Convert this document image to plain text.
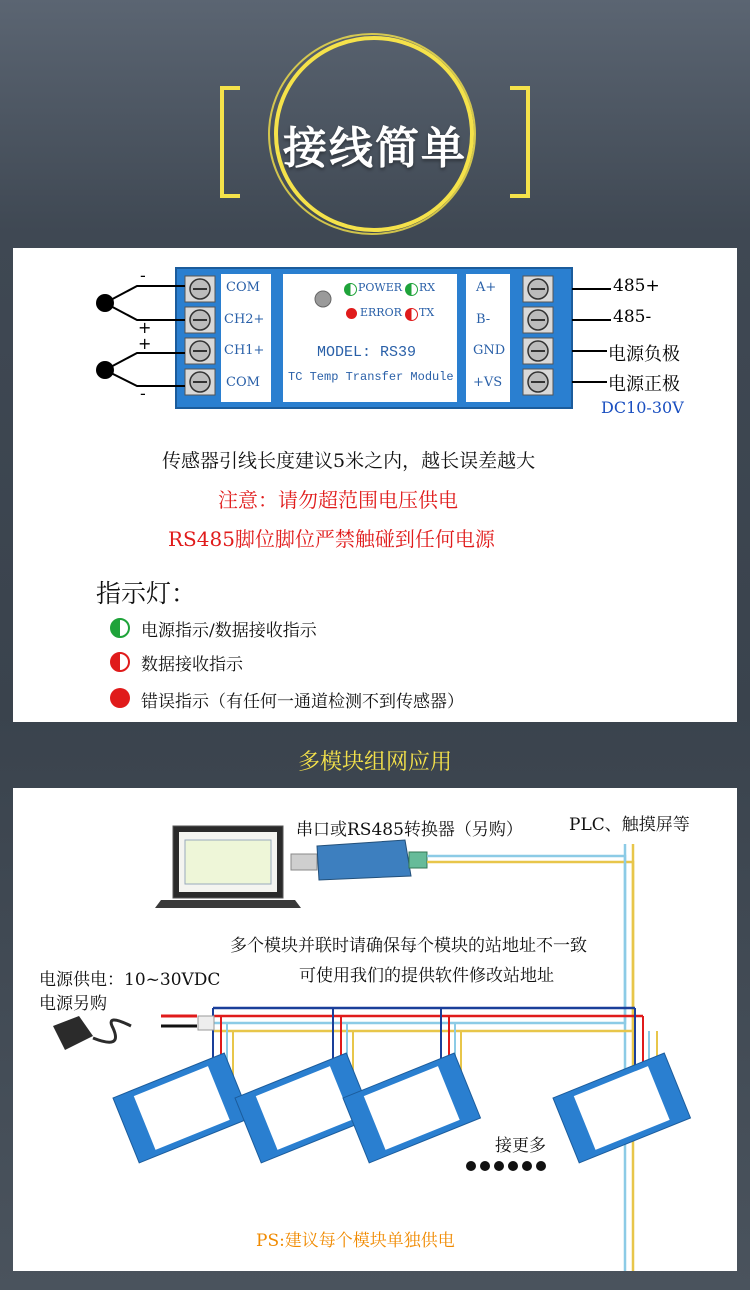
接线简单
-
+
+
-
COM
CH2+
CH1+
COM
A+
B-
GND
+VS
POWER RX
ERROR TX
MODEL: RS39
TC Temp Transfer Module
485+
485-
电源负极
电源正极
DC10-30V
传感器引线长度建议5米之内，越长误差越大
注意：请勿超范围电压供电
RS485脚位脚位严禁触碰到任何电源
指示灯：
电源指示/数据接收指示
数据接收指示
错误指示（有任何一通道检测不到传感器）
多模块组网应用
串口或RS485转换器（另购）	PLC、触摸屏等
多个模块并联时请确保每个模块的站地址不一致
可使用我们的提供软件修改站地址
电源供电：10~30VDC
电源另购
接更多
PS:建议每个模块单独供电
